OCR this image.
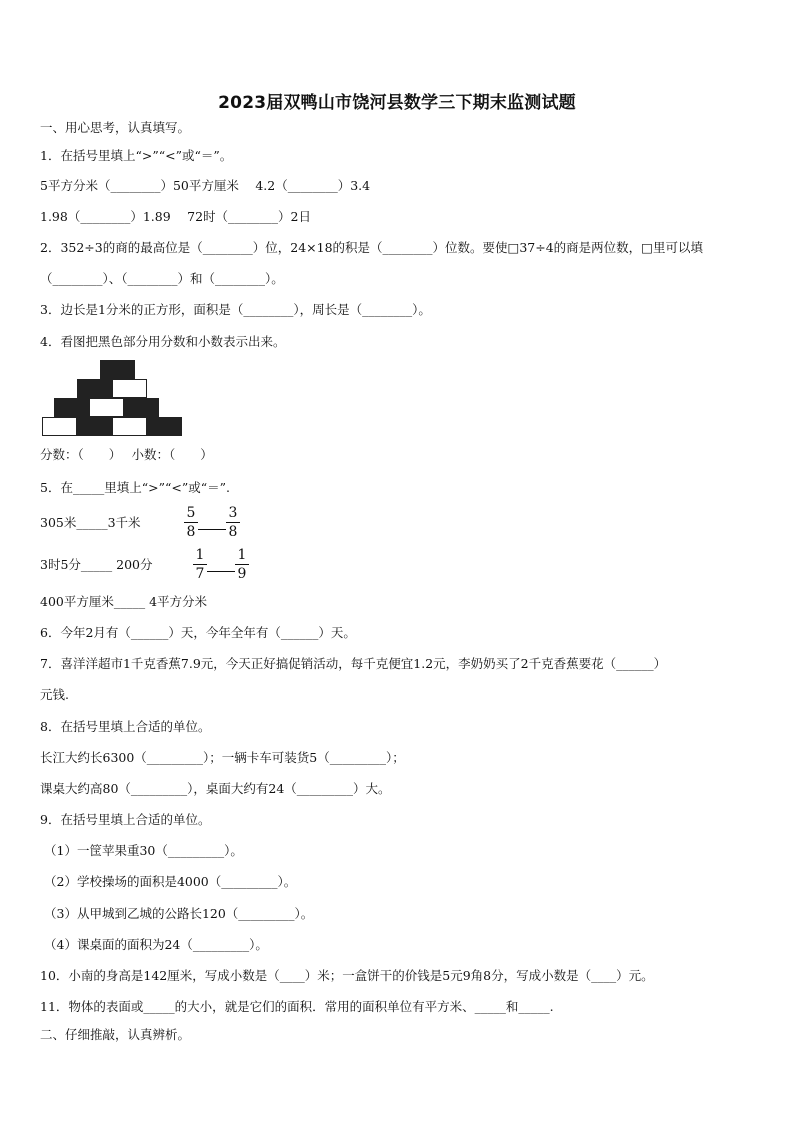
2023届双鸭山市饶河县数学三下期末监测试题
一、用心思考，认真填写。
1．在括号里填上“>”“<”或“＝”。
5平方分米（________）50平方厘米　 4.2（________）3.4
1.98（________）1.89　 72时（________）2日
2．352÷3的商的最高位是（________）位，24×18的积是（________）位数。要使□37÷4的商是两位数，□里可以填
（________）、（________）和（________）。
3．边长是1分米的正方形，面积是（________），周长是（________）。
4．看图把黑色部分用分数和小数表示出来。
分数：（　　）　 小数：（　　）
5．在_____里填上“>”“<”或“＝”.
305米_____3千米
5
8
3
8
3时5分_____ 200分
1
7
1
9
400平方厘米_____ 4平方分米
6．今年2月有（______）天，今年全年有（______）天。
7．喜洋洋超市1千克香蕉7.9元，今天正好搞促销活动，每千克便宜1.2元，李奶奶买了2千克香蕉要花（______）
元钱.
8．在括号里填上合适的单位。
长江大约长6300（_________）；一辆卡车可装货5（_________）；
课桌大约高80（_________），桌面大约有24（_________）大。
9．在括号里填上合适的单位。
（1）一筐苹果重30（_________）。
（2）学校操场的面积是4000（_________）。
（3）从甲城到乙城的公路长120（_________）。
（4）课桌面的面积为24（_________）。
10．小南的身高是142厘米，写成小数是（____）米；一盒饼干的价钱是5元9角8分，写成小数是（____）元。
11．物体的表面或_____的大小，就是它们的面积．常用的面积单位有平方米、_____和_____.
二、仔细推敲，认真辨析。
